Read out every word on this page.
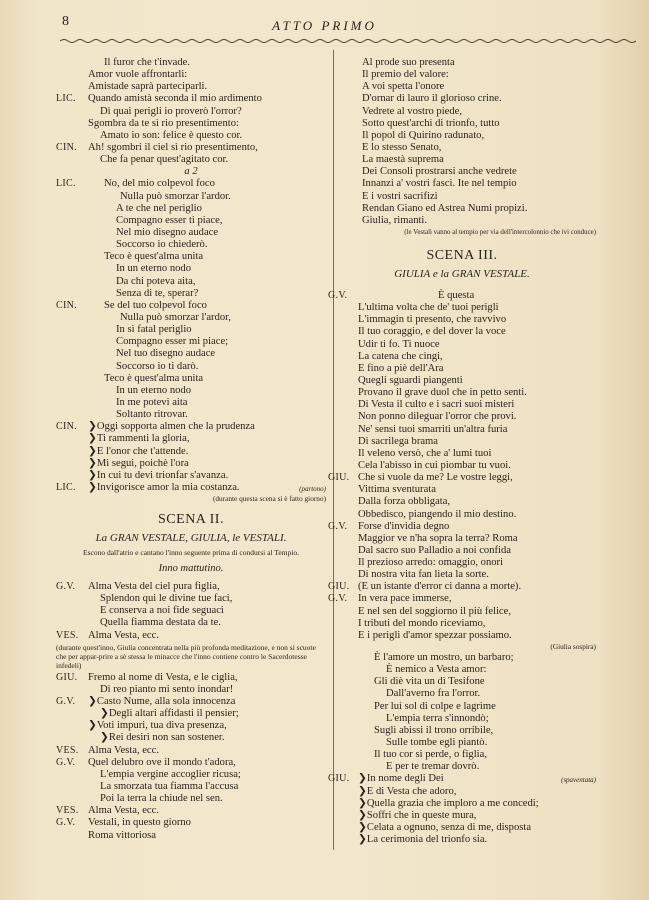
8	ATTO PRIMO
Il furor che t'invade.
Amor vuole affrontarli:
Amistade saprà parteciparli.
LIC.	Quando amistà seconda il mio ardimento
Di quai perigli io proverò l'orror?
Sgombra da te sì rio presentimento:
Amato io son: felice è questo cor.
CIN.	Ah! sgombri il ciel sì rio presentimento,
Che fa penar quest'agitato cor.
a 2
LIC.	No, del mio colpevol foco
Nulla può smorzar l'ardor.
A te che nel periglio
Compagno esser ti piace,
Nel mio disegno audace
Soccorso io chiederò.
Teco è quest'alma unita
In un eterno nodo
Da chi poteva aita,
Senza di te, sperar?
CIN.	Se del tuo colpevol foco
Nulla può smorzar l'ardor,
In sì fatal periglio
Compagno esser mi piace;
Nel tuo disegno audace
Soccorso io ti darò.
Teco è quest'alma unita
In un eterno nodo
In me potevi aita
Soltanto ritrovar.
CIN.	❯Oggi sopporta almen che la prudenza
❯Ti rammenti la gloria,
❯E l'onor che t'attende.
❯Mi segui, poichè l'ora
❯In cui tu devi trionfar s'avanza.
LIC.	❯Invigorisce amor la mia costanza.	(partono)
(durante questa scena si è fatto giorno)
SCENA II.
La GRAN VESTALE, GIULIA, le VESTALI.
Escono dall'atrio e cantano l'inno seguente prima di condursi al Tempio.
Inno mattutino.
G.V.	Alma Vesta del ciel pura figlia,
Splendon qui le divine tue faci,
E conserva a noi fide seguaci
Quella fiamma destata da te.
VES. Alma Vesta, ecc.
(durante quest'inno, Giulia concentrata nella più profonda meditazione, e non si scuote che per appar-prire a sè stessa le minacce che l'inno contiene contro le Sacerdotesse infedeli)
GIU. Fremo al nome di Vesta, e le ciglia,
Di reo pianto mi sento inondar!
G.V.	❯Casto Nume, alla sola innocenza
❯Degli altari affidasti il pensier;
❯Voti impuri, tua diva presenza,
❯Rei desiri non san sostener.
VES. Alma Vesta, ecc.
G.V.	Quel delubro ove il mondo t'adora,
L'empia vergine accoglier ricusa;
La smorzata tua fiamma l'accusa
Poi la terra la chiude nel sen.
VES. Alma Vesta, ecc.
G.V.	Vestali, in questo giorno
Roma vittoriosa
Al prode suo presenta
Il premio del valore:
A voi spetta l'onore
D'ornar di lauro il glorioso crine.
Vedrete al vostro piede,
Sotto quest'archi di trionfo, tutto
Il popol di Quirino radunato,
E lo stesso Senato,
La maestà suprema
Dei Consoli prostrarsi anche vedrete
Innanzi a' vostri fasci. Ite nel tempio
E i vostri sacrifizi
Rendan Giano ed Astrea Numi propizi.
Giulia, rimanti.
(le Vestali vanno al tempio per via dell'intercolonnio che ivi conduce)
SCENA III.
GIULIA e la GRAN VESTALE.
G.V.	È questa
L'ultima volta che de' tuoi perigli
L'immagin ti presento, che ravvivo
Il tuo coraggio, e del dover la voce
Udir ti fo. Ti nuoce
La catena che cingi,
E fino a piè dell'Ara
Quegli sguardi piangenti
Provano il grave duol che in petto senti.
Di Vesta il culto e i sacri suoi misteri
Non ponno dileguar l'orror che provi.
Ne' sensi tuoi smarriti un'altra furia
Di sacrilega brama
Il veleno versò, che a' lumi tuoi
Cela l'abisso in cui piombar tu vuoi.
GIU. Che si vuole da me? Le vostre leggi,
Vittima sventurata
Dalla forza obbligata,
Obbedisco, piangendo il mio destino.
G.V.	Forse d'invidia degno
Maggior ve n'ha sopra la terra? Roma
Dal sacro suo Palladio a noi confida
Il prezioso arredo: omaggio, onori
Di nostra vita fan lieta la sorte.
GIU. (E un istante d'error ci danna a morte).
G.V.	In vera pace immerse,
E nel sen del soggiorno il più felice,
I tributi del mondo riceviamo,
E i perigli d'amor spezzar possiamo.
(Giulia sospira)
È l'amore un mostro, un barbaro;
È nemico a Vesta amor:
Gli diè vita un dì Tesifone
Dall'averno fra l'orror.
Per lui sol di colpe e lagrime
L'empia terra s'innondò;
Sugli abissi il trono orribile,
Sulle tombe egli piantò.
Il tuo cor si perde, o figlia,
E per te tremar dovrò.
GIU. ❯In nome degli Dei	(spaventata)
❯E di Vesta che adoro,
❯Quella grazia che imploro a me concedi;
❯Soffri che in queste mura,
❯Celata a ognuno, senza di me, disposta
❯La cerimonia del trionfo sia.
